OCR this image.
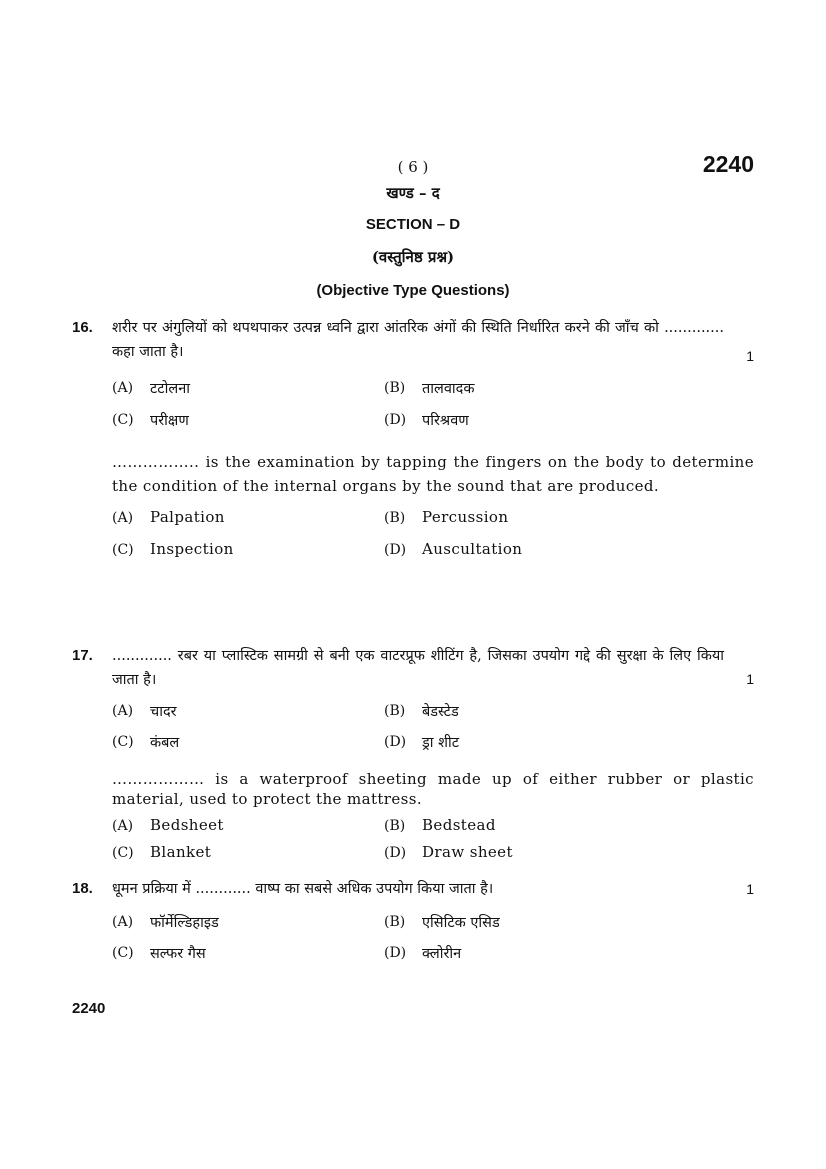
( 6 )	2240
खण्ड – द
SECTION – D
(वस्तुनिष्ठ प्रश्न)
(Objective Type Questions)
16. शरीर पर अंगुलियों को थपथपाकर उत्पन्न ध्वनि द्वारा आंतरिक अंगों की स्थिति निर्धारित करने की जाँच को ............. कहा जाता है।	1
(A) टटोलना	(B) तालवादक
(C) परीक्षण	(D) परिश्रवण
…………….. is the examination by tapping the fingers on the body to determine the condition of the internal organs by the sound that are produced.
(A) Palpation	(B) Percussion
(C) Inspection	(D) Auscultation
17. ............. रबर या प्लास्टिक सामग्री से बनी एक वाटरप्रूफ शीटिंग है, जिसका उपयोग गद्दे की सुरक्षा के लिए किया जाता है।	1
(A) चादर	(B) बेडस्टेड
(C) कंबल	(D) ड्रा शीट
……………… is a waterproof sheeting made up of either rubber or plastic material, used to protect the mattress.
(A) Bedsheet	(B) Bedstead
(C) Blanket	(D) Draw sheet
18. धूमन प्रक्रिया में ............ वाष्प का सबसे अधिक उपयोग किया जाता है।	1
(A) फॉर्मेल्डिहाइड	(B) एसिटिक एसिड
(C) सल्फर गैस	(D) क्लोरीन
2240
